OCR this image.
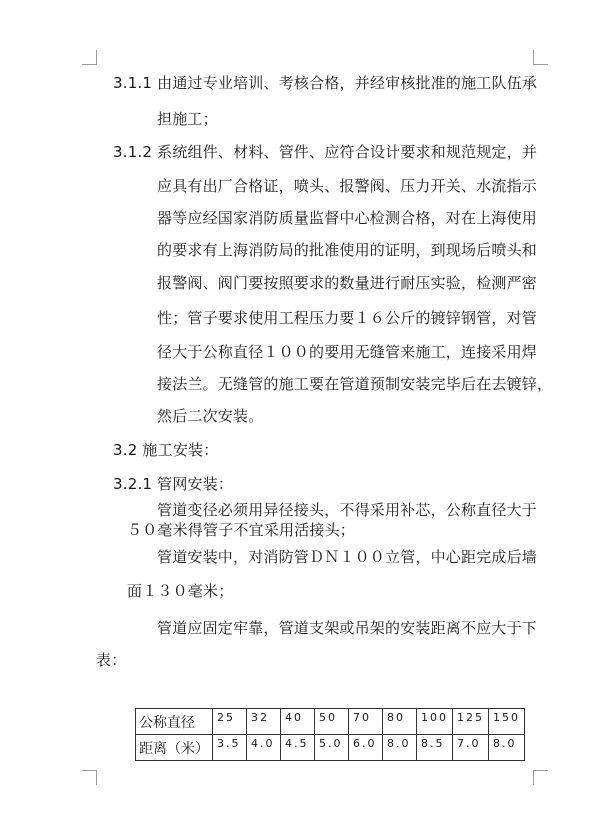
3.1.1 由通过专业培训、考核合格，并经审核批准的施工队伍承
担施工；
3.1.2 系统组件、材料、管件、应符合设计要求和规范规定，并
应具有出厂合格证，喷头、报警阀、压力开关、水流指示
器等应经国家消防质量监督中心检测合格，对在上海使用
的要求有上海消防局的批准使用的证明，到现场后喷头和
报警阀、阀门要按照要求的数量进行耐压实验，检测严密
性；管子要求使用工程压力要１６公斤的镀锌钢管，对管
径大于公称直径１００的要用无缝管来施工，连接采用焊
接法兰。无缝管的施工要在管道预制安装完毕后在去镀锌，
然后二次安装。
3.2 施工安装：
3.2.1 管网安装：
管道变径必须用异径接头，不得采用补芯，公称直径大于
５０毫米得管子不宜采用活接头；
管道安装中，对消防管ＤＮ１００立管，中心距完成后墙
面１３０毫米；
管道应固定牢靠，管道支架或吊架的安装距离不应大于下
表：
公称直径	25	32	40	50	70	80	100	125	150
距离（米）	3.5	4.0	4.5	5.0	6.0	8.0	8.5	7.0	8.0
